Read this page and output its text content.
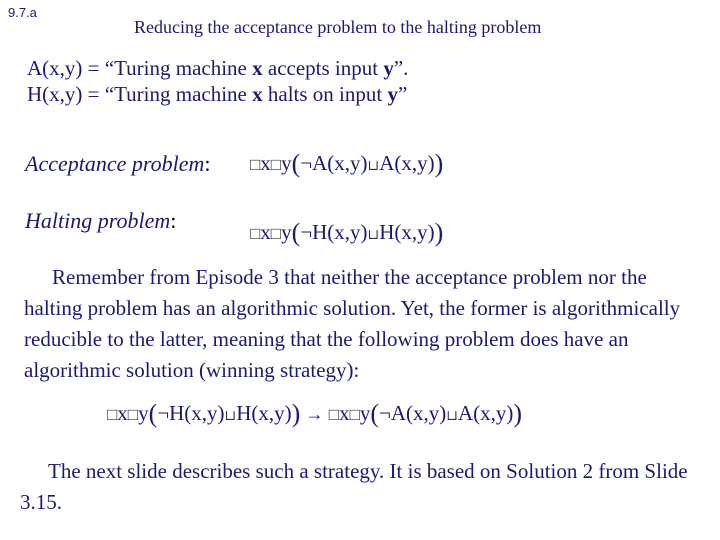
9.7.a
Reducing the acceptance problem to the halting problem
A(x,y) = “Turing machine x accepts input y”.
H(x,y) = “Turing machine x halts on input y”
Acceptance problem: □x□y(¬A(x,y)⊔A(x,y))
Halting problem:
□x□y(¬H(x,y)⊔H(x,y))
Remember from Episode 3 that neither the acceptance problem nor the halting problem has an algorithmic solution. Yet, the former is algorithmically reducible to the latter, meaning that the following problem does have an algorithmic solution (winning strategy):
□x□y(¬H(x,y)⊔H(x,y)) → □x□y(¬A(x,y)⊔A(x,y))
The next slide describes such a strategy. It is based on Solution 2 from Slide 3.15.
